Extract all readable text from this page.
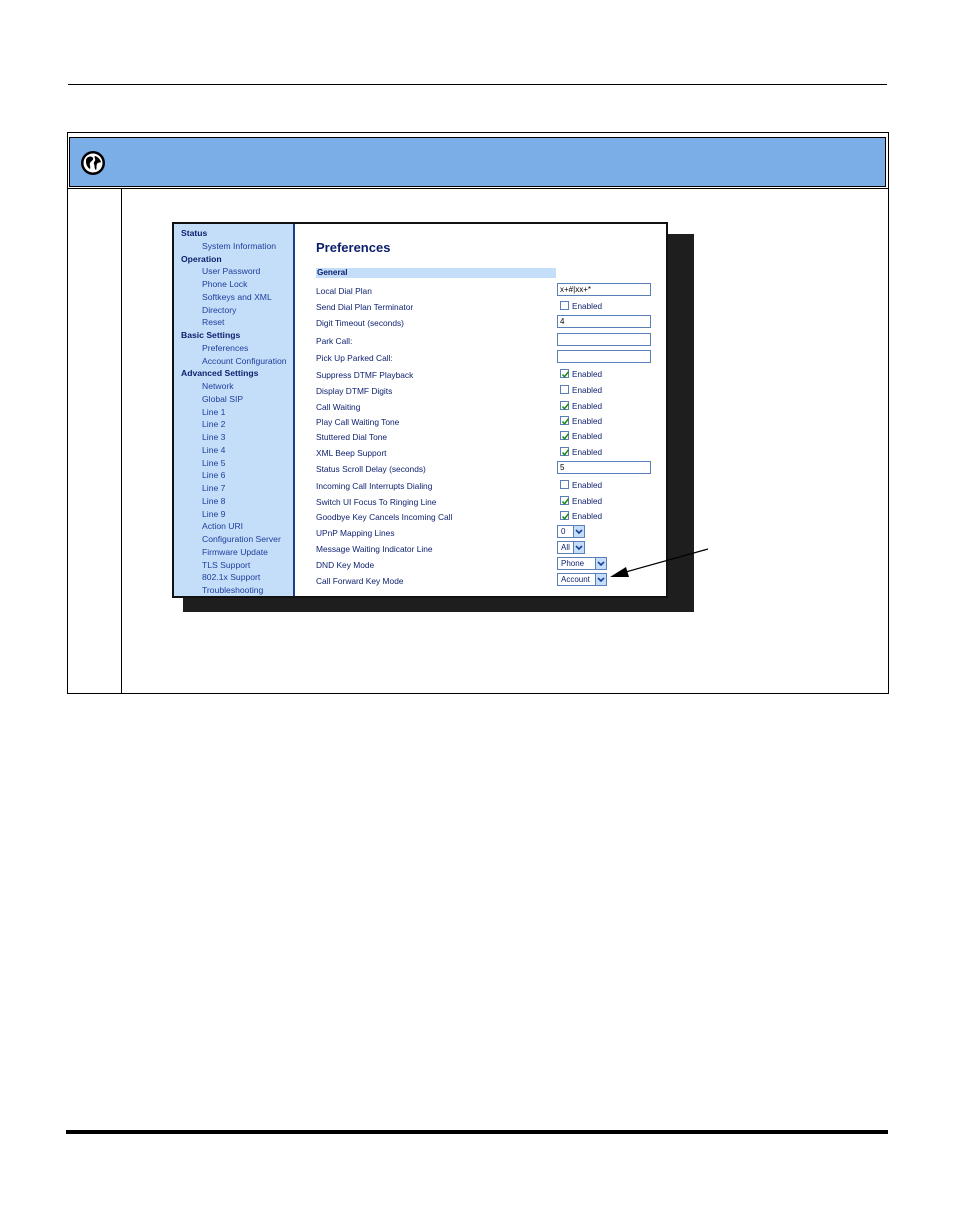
Status
System Information
Operation
User Password
Phone Lock
Softkeys and XML
Directory
Reset
Basic Settings
Preferences
Account Configuration
Advanced Settings
Network
Global SIP
Line 1
Line 2
Line 3
Line 4
Line 5
Line 6
Line 7
Line 8
Line 9
Action URI
Configuration Server
Firmware Update
TLS Support
802.1x Support
Troubleshooting
Preferences
General
Local Dial Plan	x+#|xx+*
Send Dial Plan Terminator	Enabled
Digit Timeout (seconds)	4
Park Call:
Pick Up Parked Call:
Suppress DTMF Playback	Enabled
Display DTMF Digits	Enabled
Call Waiting	Enabled
Play Call Waiting Tone	Enabled
Stuttered Dial Tone	Enabled
XML Beep Support	Enabled
Status Scroll Delay (seconds)	5
Incoming Call Interrupts Dialing	Enabled
Switch UI Focus To Ringing Line	Enabled
Goodbye Key Cancels Incoming Call	Enabled
UPnP Mapping Lines	0
Message Waiting Indicator Line	All
DND Key Mode	Phone
Call Forward Key Mode	Account
